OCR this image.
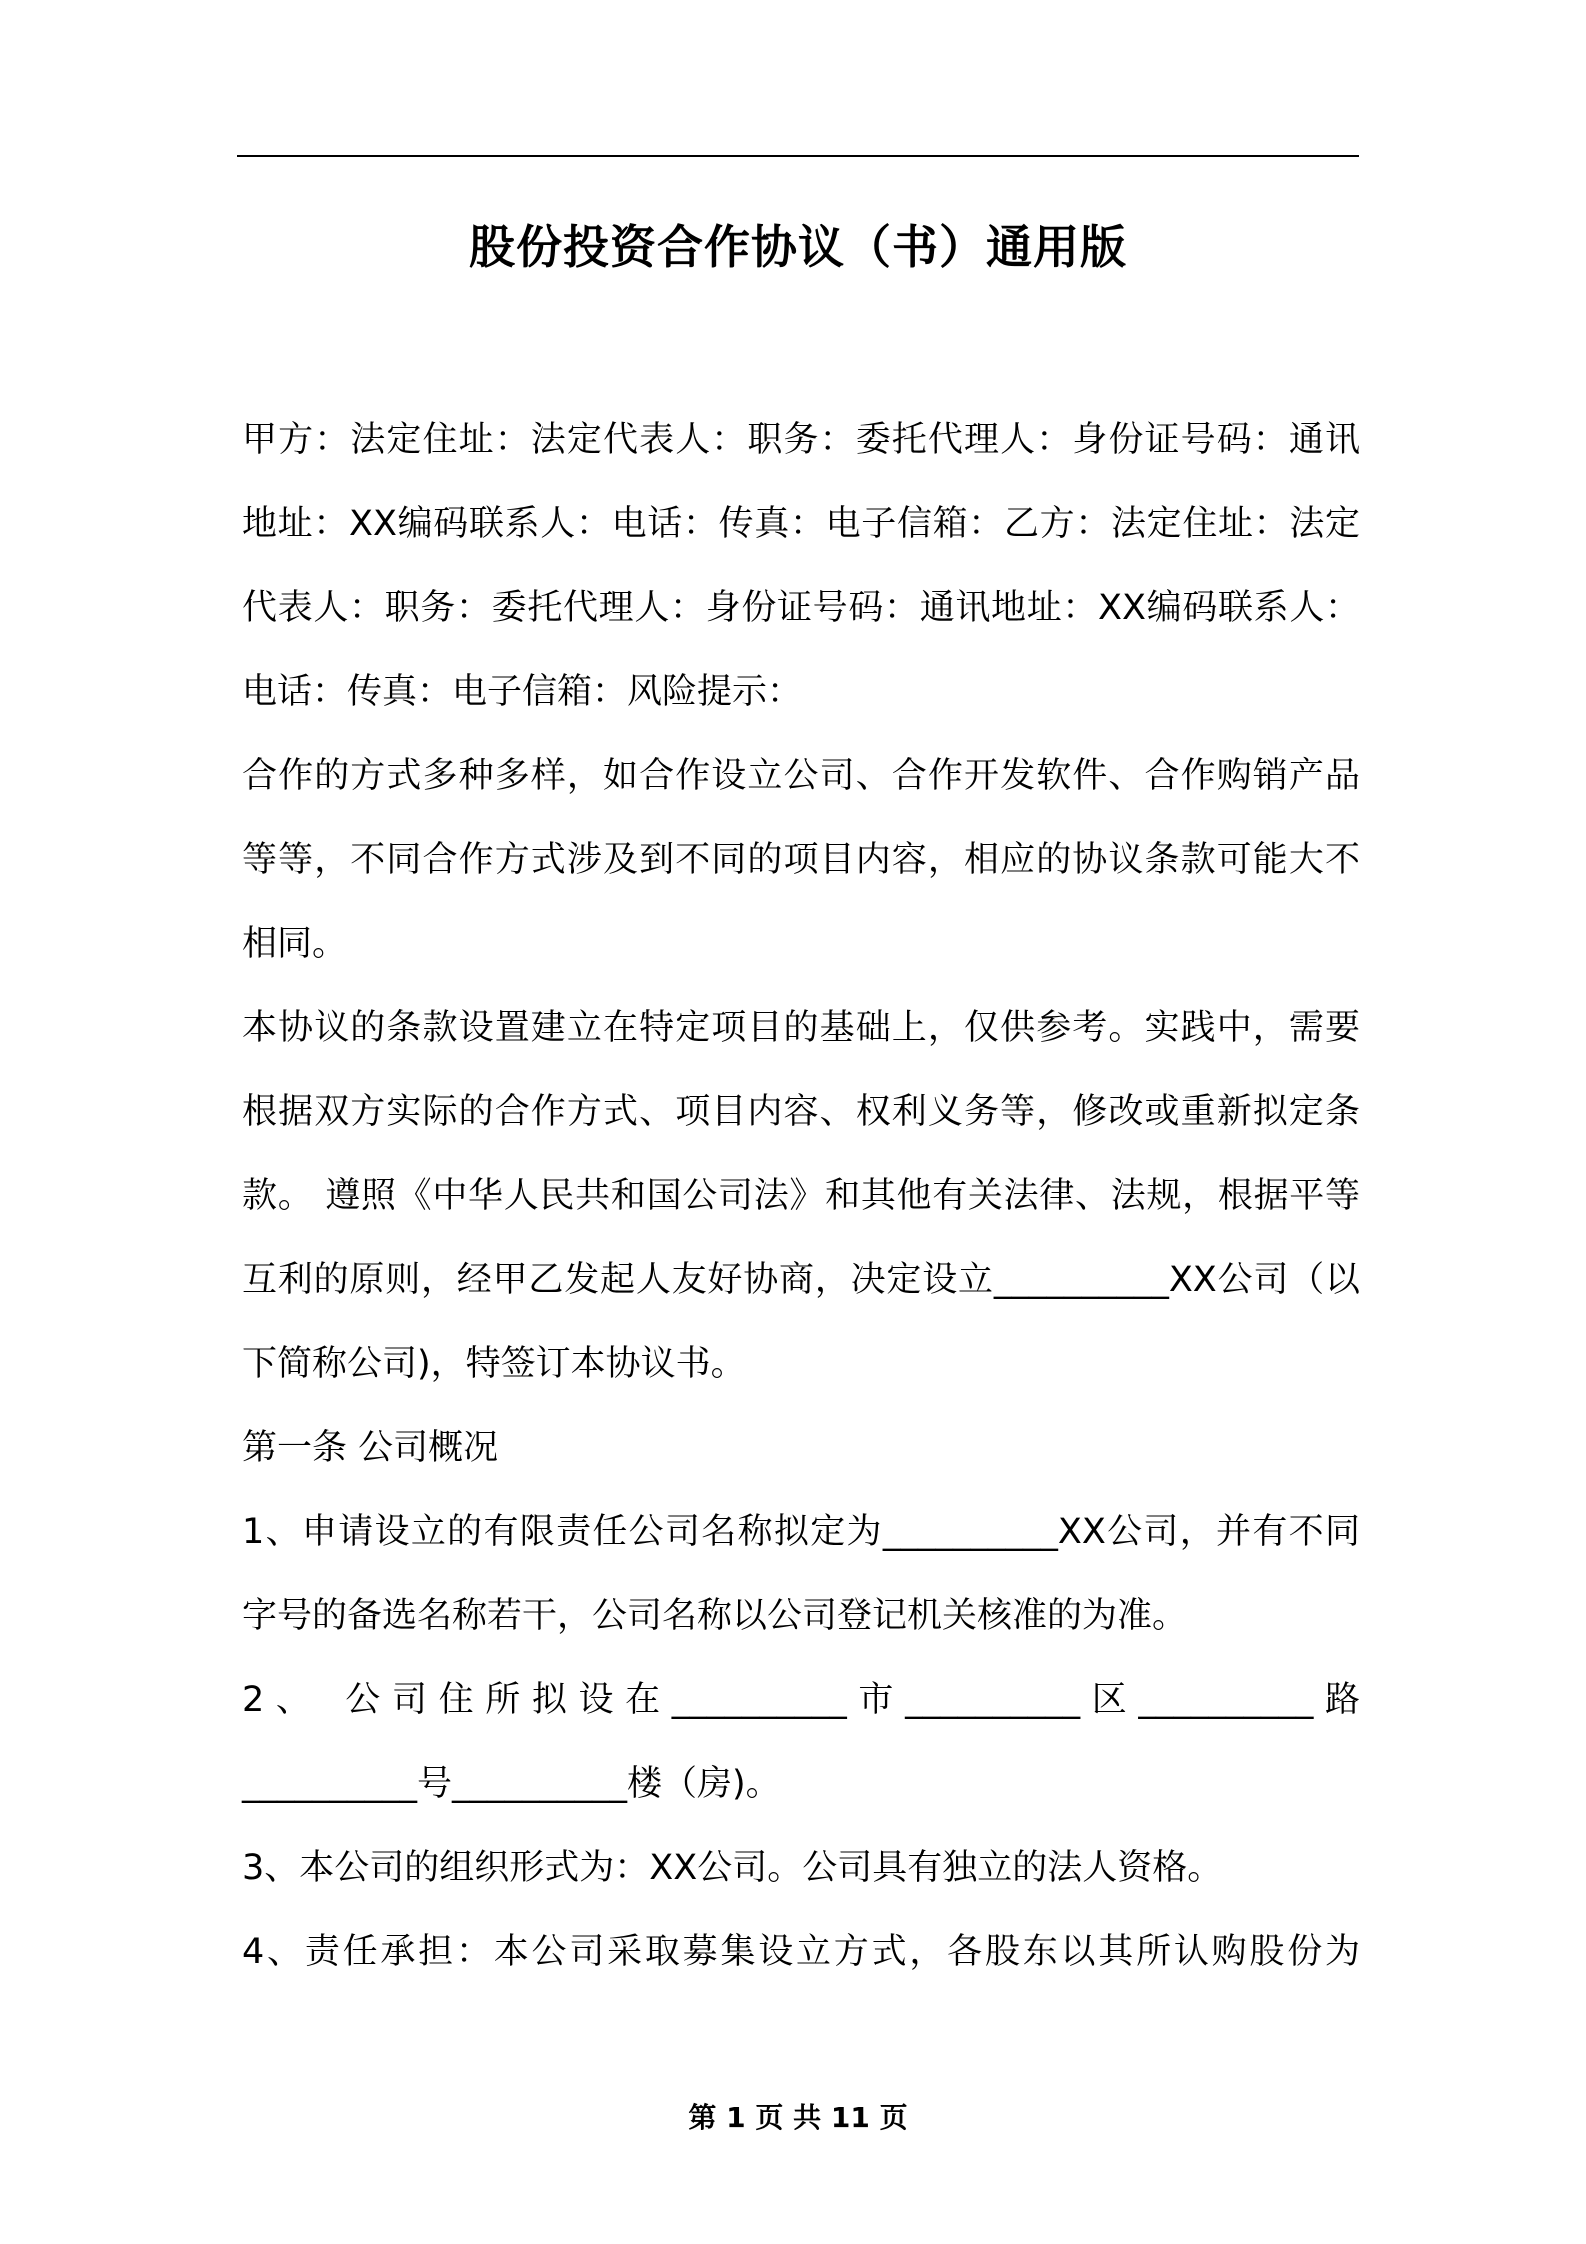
股份投资合作协议（书）通用版

甲方：法定住址：法定代表人：职务：委托代理人：身份证号码：通讯地址：XX编码联系人：电话：传真：电子信箱：乙方：法定住址：法定代表人：职务：委托代理人：身份证号码：通讯地址：XX编码联系人：电话：传真：电子信箱：风险提示：

合作的方式多种多样，如合作设立公司、合作开发软件、合作购销产品等等，不同合作方式涉及到不同的项目内容，相应的协议条款可能大不相同。

本协议的条款设置建立在特定项目的基础上，仅供参考。实践中，需要根据双方实际的合作方式、项目内容、权利义务等，修改或重新拟定条款。 遵照《中华人民共和国公司法》和其他有关法律、法规，根据平等互利的原则，经甲乙发起人友好协商，决定设立__________XX公司（以下简称公司)，特签订本协议书。

第一条 公司概况

1、申请设立的有限责任公司名称拟定为__________XX公司，并有不同字号的备选名称若干，公司名称以公司登记机关核准的为准。

2、 公司住所拟设在__________市__________区__________路__________号__________楼（房)。

3、本公司的组织形式为：XX公司。公司具有独立的法人资格。

4、责任承担：本公司采取募集设立方式，各股东以其所认购股份为

第 1 页 共 11 页
